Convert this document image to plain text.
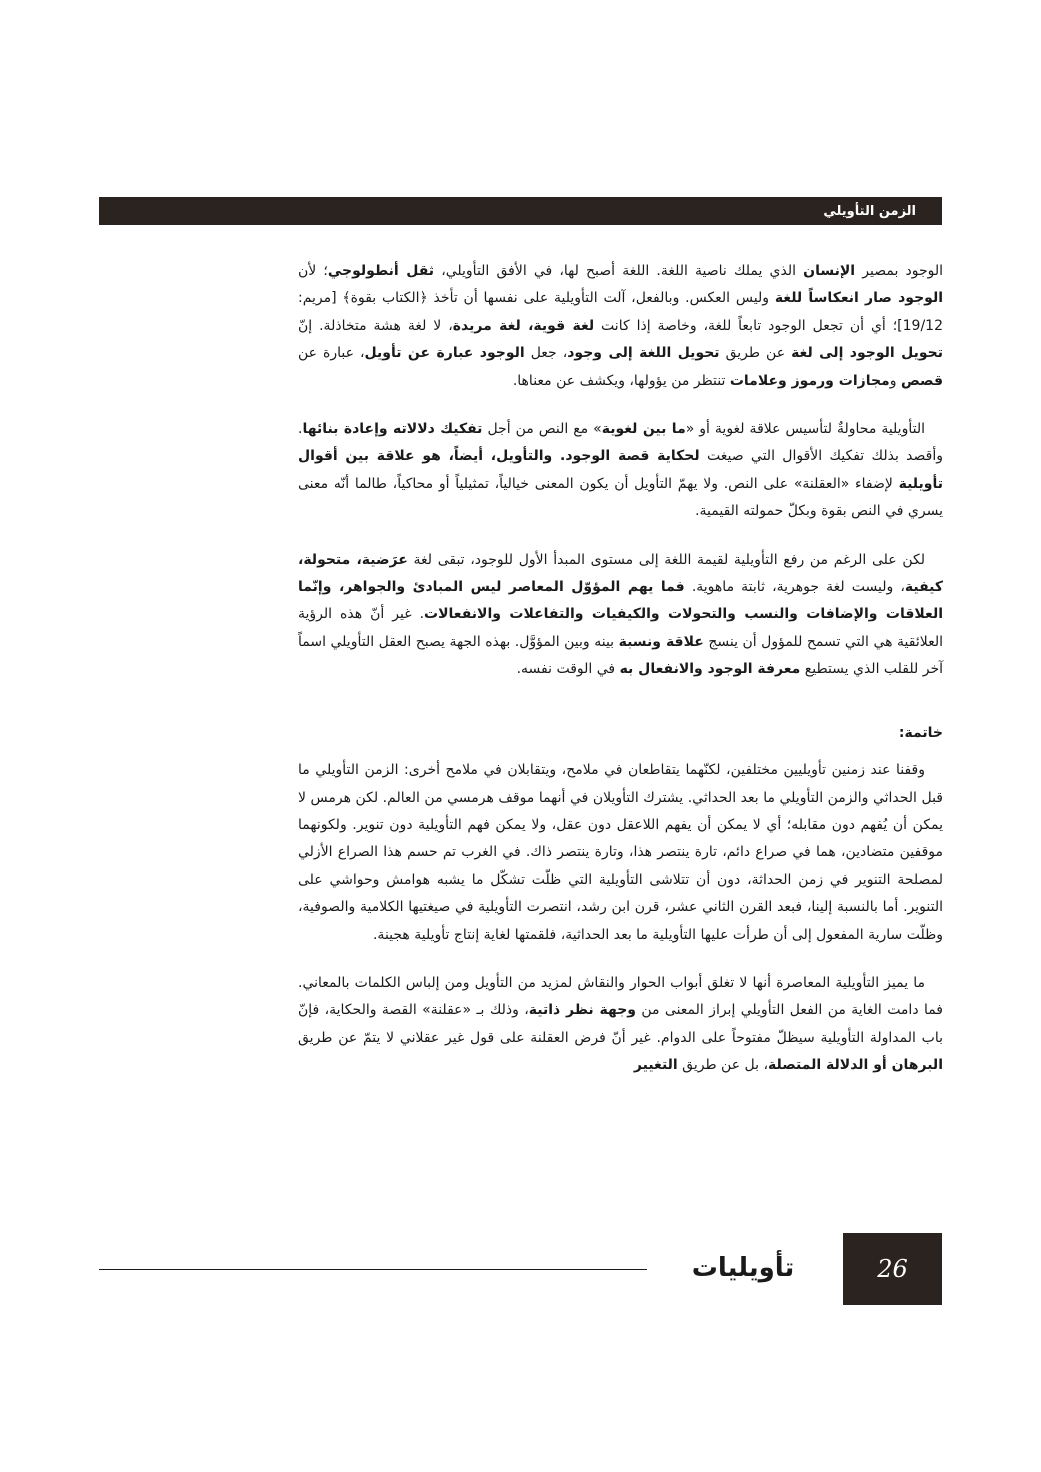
الزمن التأويلي

الوجود بمصير الإنسان الذي يملك ناصية اللغة. اللغة أصبح لها، في الأفق التأويلي، ثقل أنطولوجي؛ لأن الوجود صار انعكاساً للغة وليس العكس. وبالفعل، آلت التأويلية على نفسها أن تأخذ ﴿الكتاب بقوة﴾ [مريم: 19/12]؛ أي أن تجعل الوجود تابعاً للغة، وخاصة إذا كانت لغة قوية، لغة مريدة، لا لغة هشة متخاذلة. إنّ تحويل الوجود إلى لغة عن طريق تحويل اللغة إلى وجود، جعل الوجود عبارة عن تأويل، عبارة عن قصص ومجازات ورموز وعلامات تنتظر من يؤولها، ويكشف عن معناها.

التأويلية محاولةٌ لتأسيس علاقة لغوية أو «ما بين لغوية» مع النص من أجل تفكيك دلالاته وإعادة بنائها. وأقصد بذلك تفكيك الأقوال التي صيغت لحكاية قصة الوجود. والتأويل، أيضاً، هو علاقة بين أقوال تأويلية لإضفاء «العقلنة» على النص. ولا يهمّ التأويل أن يكون المعنى خيالياً، تمثيلياً أو محاكياً، طالما أنّه معنى يسري في النص بقوة وبكلّ حمولته القيمية.

لكن على الرغم من رفع التأويلية لقيمة اللغة إلى مستوى المبدأ الأول للوجود، تبقى لغة عرَضية، متحولة، كيفية، وليست لغة جوهرية، ثابتة ماهوية. فما يهم المؤوّل المعاصر ليس المبادئ والجواهر، وإنّما العلاقات والإضافات والنسب والتحولات والكيفيات والتفاعلات والانفعالات. غير أنّ هذه الرؤية العلائقية هي التي تسمح للمؤول أن ينسج علاقة ونسبة بينه وبين المؤوَّل. بهذه الجهة يصبح العقل التأويلي اسماً آخر للقلب الذي يستطيع معرفة الوجود والانفعال به في الوقت نفسه.

خاتمة:

وقفنا عند زمنين تأويليين مختلفين، لكنّهما يتقاطعان في ملامح، ويتقابلان في ملامح أخرى: الزمن التأويلي ما قبل الحداثي والزمن التأويلي ما بعد الحداثي. يشترك التأويلان في أنهما موقف هرمسي من العالم. لكن هرمس لا يمكن أن يُفهم دون مقابله؛ أي لا يمكن أن يفهم اللاعقل دون عقل، ولا يمكن فهم التأويلية دون تنوير. ولكونهما موقفين متضادين، هما في صراع دائم، تارة ينتصر هذا، وتارة ينتصر ذاك. في الغرب تم حسم هذا الصراع الأزلي لمصلحة التنوير في زمن الحداثة، دون أن تتلاشى التأويلية التي ظلّت تشكّل ما يشبه هوامش وحواشي على التنوير. أما بالنسبة إلينا، فبعد القرن الثاني عشر، قرن ابن رشد، انتصرت التأويلية في صيغتيها الكلامية والصوفية، وظلّت سارية المفعول إلى أن طرأت عليها التأويلية ما بعد الحداثية، فلقمتها لغاية إنتاج تأويلية هجينة.

ما يميز التأويلية المعاصرة أنها لا تغلق أبواب الحوار والنقاش لمزيد من التأويل ومن إلباس الكلمات بالمعاني. فما دامت الغاية من الفعل التأويلي إبراز المعنى من وجهة نظر ذاتية، وذلك بـ «عقلنة» القصة والحكاية، فإنّ باب المداولة التأويلية سيظلّ مفتوحاً على الدوام. غير أنّ فرض العقلنة على قول غير عقلاني لا يتمّ عن طريق البرهان أو الدلالة المتصلة، بل عن طريق التغيير

تأويليات	26
